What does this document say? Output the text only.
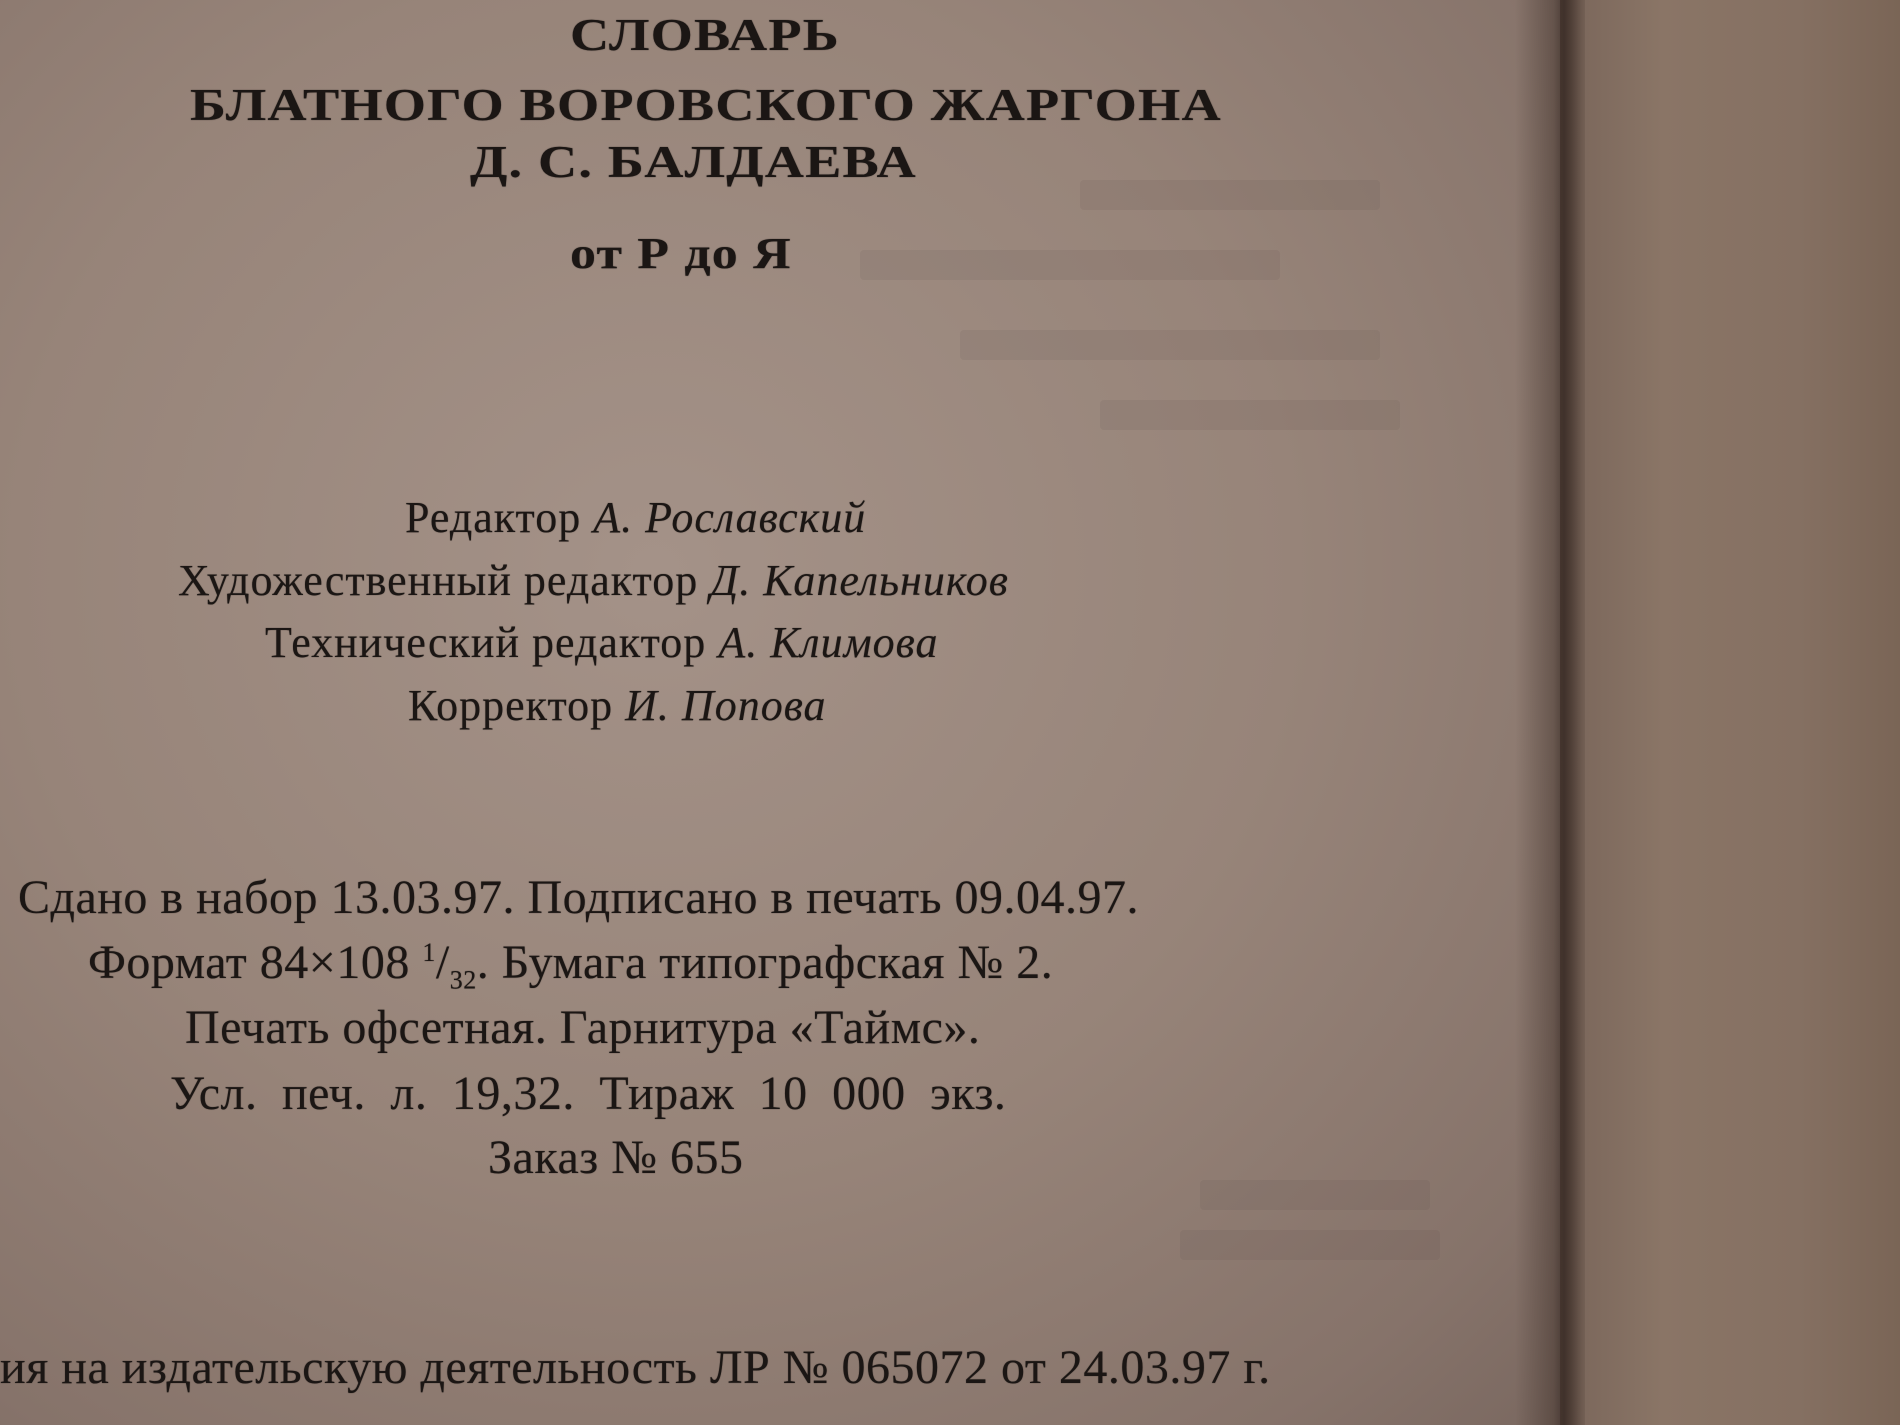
СЛОВАРЬ
БЛАТНОГО ВОРОВСКОГО ЖАРГОНА
Д. С. БАЛДАЕВА
от Р до Я
Редактор А. Рославский
Художественный редактор Д. Капельников
Технический редактор А. Климова
Корректор И. Попова
Сдано в набор 13.03.97. Подписано в печать 09.04.97.
Формат 84×108 $^1/_{32}$. Бумага типографская № 2.
Печать офсетная. Гарнитура «Таймс».
Усл. печ. л. 19,32. Тираж 10 000 экз.
Заказ № 655
ия на издательскую деятельность ЛР № 065072 от 24.03.97 г.
